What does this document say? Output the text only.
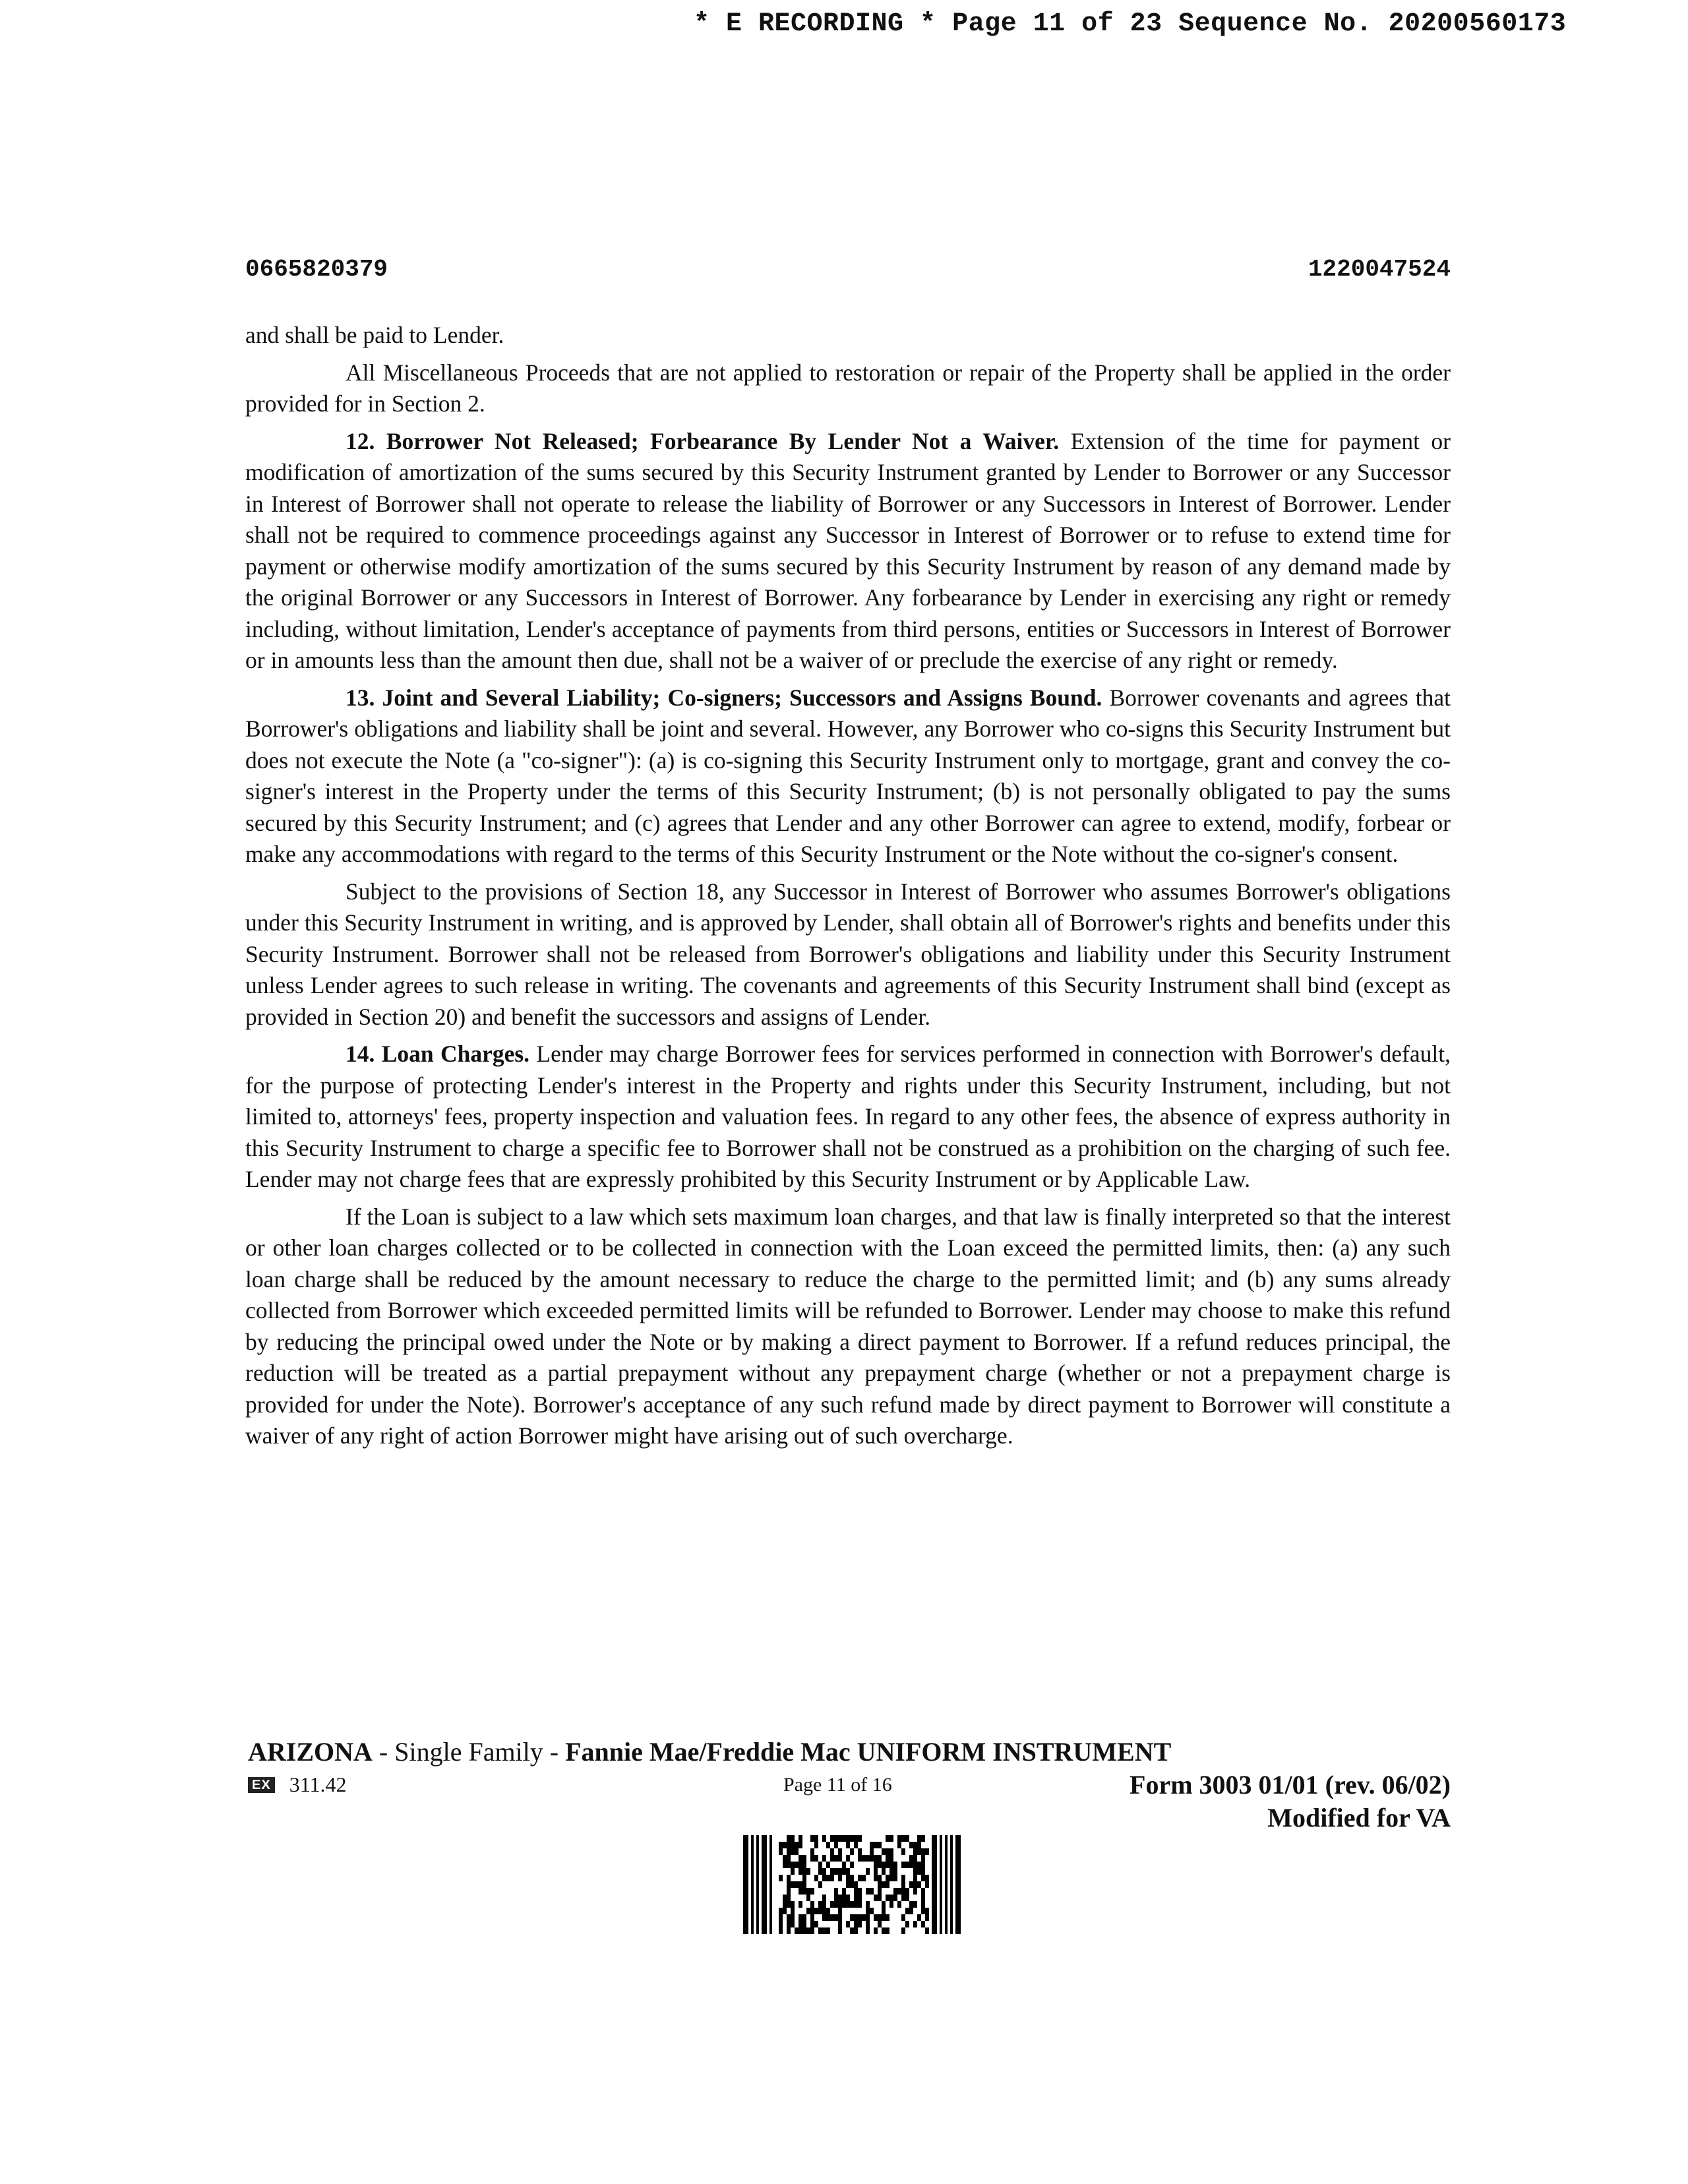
* E RECORDING * Page 11 of 23 Sequence No. 20200560173
0665820379	1220047524

and shall be paid to Lender.

All Miscellaneous Proceeds that are not applied to restoration or repair of the Property shall be applied in the order provided for in Section 2.

12. Borrower Not Released; Forbearance By Lender Not a Waiver. Extension of the time for payment or modification of amortization of the sums secured by this Security Instrument granted by Lender to Borrower or any Successor in Interest of Borrower shall not operate to release the liability of Borrower or any Successors in Interest of Borrower. Lender shall not be required to commence proceedings against any Successor in Interest of Borrower or to refuse to extend time for payment or otherwise modify amortization of the sums secured by this Security Instrument by reason of any demand made by the original Borrower or any Successors in Interest of Borrower. Any forbearance by Lender in exercising any right or remedy including, without limitation, Lender's acceptance of payments from third persons, entities or Successors in Interest of Borrower or in amounts less than the amount then due, shall not be a waiver of or preclude the exercise of any right or remedy.

13. Joint and Several Liability; Co-signers; Successors and Assigns Bound. Borrower covenants and agrees that Borrower's obligations and liability shall be joint and several. However, any Borrower who co-signs this Security Instrument but does not execute the Note (a "co-signer"): (a) is co-signing this Security Instrument only to mortgage, grant and convey the co-signer's interest in the Property under the terms of this Security Instrument; (b) is not personally obligated to pay the sums secured by this Security Instrument; and (c) agrees that Lender and any other Borrower can agree to extend, modify, forbear or make any accommodations with regard to the terms of this Security Instrument or the Note without the co-signer's consent.

Subject to the provisions of Section 18, any Successor in Interest of Borrower who assumes Borrower's obligations under this Security Instrument in writing, and is approved by Lender, shall obtain all of Borrower's rights and benefits under this Security Instrument. Borrower shall not be released from Borrower's obligations and liability under this Security Instrument unless Lender agrees to such release in writing. The covenants and agreements of this Security Instrument shall bind (except as provided in Section 20) and benefit the successors and assigns of Lender.

14. Loan Charges. Lender may charge Borrower fees for services performed in connection with Borrower's default, for the purpose of protecting Lender's interest in the Property and rights under this Security Instrument, including, but not limited to, attorneys' fees, property inspection and valuation fees. In regard to any other fees, the absence of express authority in this Security Instrument to charge a specific fee to Borrower shall not be construed as a prohibition on the charging of such fee. Lender may not charge fees that are expressly prohibited by this Security Instrument or by Applicable Law.

If the Loan is subject to a law which sets maximum loan charges, and that law is finally interpreted so that the interest or other loan charges collected or to be collected in connection with the Loan exceed the permitted limits, then: (a) any such loan charge shall be reduced by the amount necessary to reduce the charge to the permitted limit; and (b) any sums already collected from Borrower which exceeded permitted limits will be refunded to Borrower. Lender may choose to make this refund by reducing the principal owed under the Note or by making a direct payment to Borrower. If a refund reduces principal, the reduction will be treated as a partial prepayment without any prepayment charge (whether or not a prepayment charge is provided for under the Note). Borrower's acceptance of any such refund made by direct payment to Borrower will constitute a waiver of any right of action Borrower might have arising out of such overcharge.

ARIZONA - Single Family - Fannie Mae/Freddie Mac UNIFORM INSTRUMENT
EX 311.42	Page 11 of 16	Form 3003 01/01 (rev. 06/02)
Modified for VA
